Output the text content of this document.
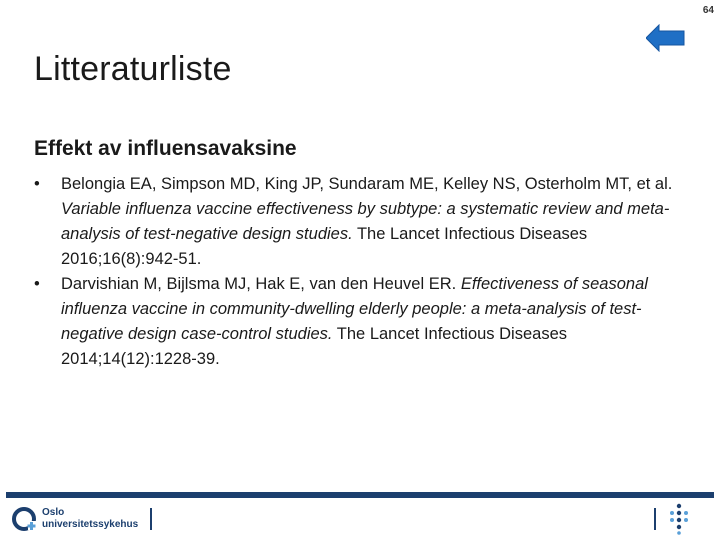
64
Litteraturliste
Effekt av influensavaksine
• Belongia EA, Simpson MD, King JP, Sundaram ME, Kelley NS, Osterholm MT, et al. Variable influenza vaccine effectiveness by subtype: a systematic review and meta-analysis of test-negative design studies. The Lancet Infectious Diseases 2016;16(8):942-51.
• Darvishian M, Bijlsma MJ, Hak E, van den Heuvel ER. Effectiveness of seasonal influenza vaccine in community-dwelling elderly people: a meta-analysis of test-negative design case-control studies. The Lancet Infectious Diseases 2014;14(12):1228-39.
Oslo
universitetssykehus
